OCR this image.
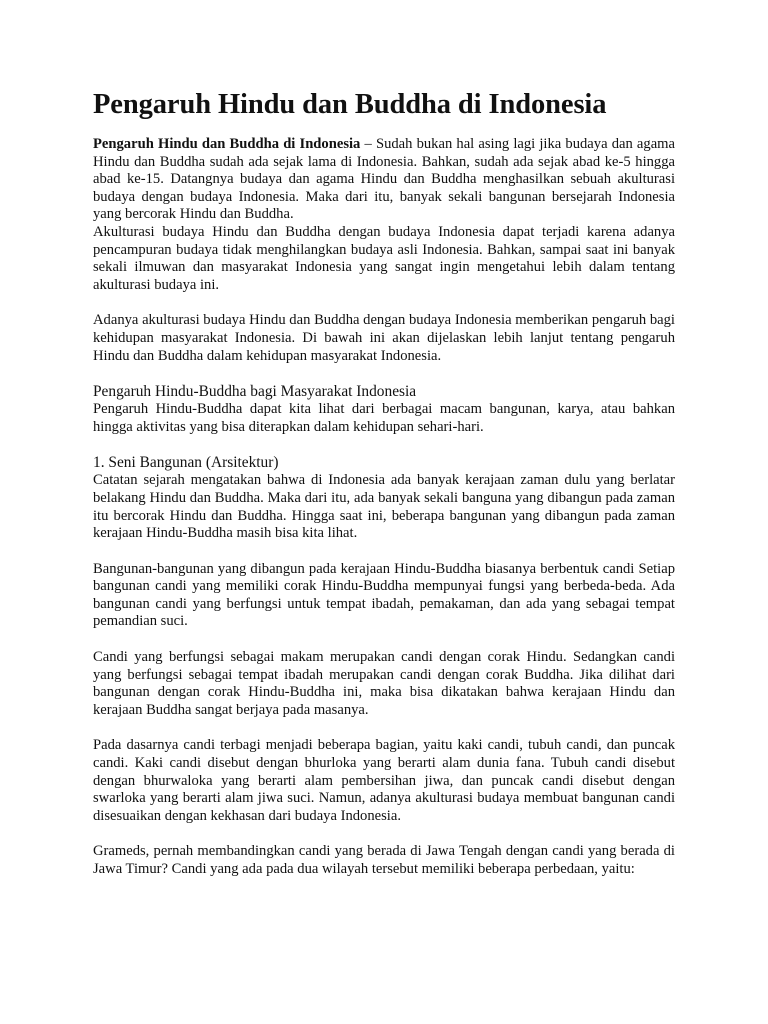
Pengaruh Hindu dan Buddha di Indonesia

Pengaruh Hindu dan Buddha di Indonesia – Sudah bukan hal asing lagi jika budaya dan agama Hindu dan Buddha sudah ada sejak lama di Indonesia. Bahkan, sudah ada sejak abad ke-5 hingga abad ke-15. Datangnya budaya dan agama Hindu dan Buddha menghasilkan sebuah akulturasi budaya dengan budaya Indonesia. Maka dari itu, banyak sekali bangunan bersejarah Indonesia yang bercorak Hindu dan Buddha.

Akulturasi budaya Hindu dan Buddha dengan budaya Indonesia dapat terjadi karena adanya pencampuran budaya tidak menghilangkan budaya asli Indonesia. Bahkan, sampai saat ini banyak sekali ilmuwan dan masyarakat Indonesia yang sangat ingin mengetahui lebih dalam tentang akulturasi budaya ini.

Adanya akulturasi budaya Hindu dan Buddha dengan budaya Indonesia memberikan pengaruh bagi kehidupan masyarakat Indonesia. Di bawah ini akan dijelaskan lebih lanjut tentang pengaruh Hindu dan Buddha dalam kehidupan masyarakat Indonesia.

Pengaruh Hindu-Buddha bagi Masyarakat Indonesia

Pengaruh Hindu-Buddha dapat kita lihat dari berbagai macam bangunan, karya, atau bahkan hingga aktivitas yang bisa diterapkan dalam kehidupan sehari-hari.

1. Seni Bangunan (Arsitektur)

Catatan sejarah mengatakan bahwa di Indonesia ada banyak kerajaan zaman dulu yang berlatar belakang Hindu dan Buddha. Maka dari itu, ada banyak sekali banguna yang dibangun pada zaman itu bercorak Hindu dan Buddha. Hingga saat ini, beberapa bangunan yang dibangun pada zaman kerajaan Hindu-Buddha masih bisa kita lihat.

Bangunan-bangunan yang dibangun pada kerajaan Hindu-Buddha biasanya berbentuk candi Setiap bangunan candi yang memiliki corak Hindu-Buddha mempunyai fungsi yang berbeda-beda. Ada bangunan candi yang berfungsi untuk tempat ibadah, pemakaman, dan ada yang sebagai tempat pemandian suci.

Candi yang berfungsi sebagai makam merupakan candi dengan corak Hindu. Sedangkan candi yang berfungsi sebagai tempat ibadah merupakan candi dengan corak Buddha. Jika dilihat dari bangunan dengan corak Hindu-Buddha ini, maka bisa dikatakan bahwa kerajaan Hindu dan kerajaan Buddha sangat berjaya pada masanya.

Pada dasarnya candi terbagi menjadi beberapa bagian, yaitu kaki candi, tubuh candi, dan puncak candi. Kaki candi disebut dengan bhurloka yang berarti alam dunia fana. Tubuh candi disebut dengan bhurwaloka yang berarti alam pembersihan jiwa, dan puncak candi disebut dengan swarloka yang berarti alam jiwa suci. Namun, adanya akulturasi budaya membuat bangunan candi disesuaikan dengan kekhasan dari budaya Indonesia.

Grameds, pernah membandingkan candi yang berada di Jawa Tengah dengan candi yang berada di Jawa Timur? Candi yang ada pada dua wilayah tersebut memiliki beberapa perbedaan, yaitu:
